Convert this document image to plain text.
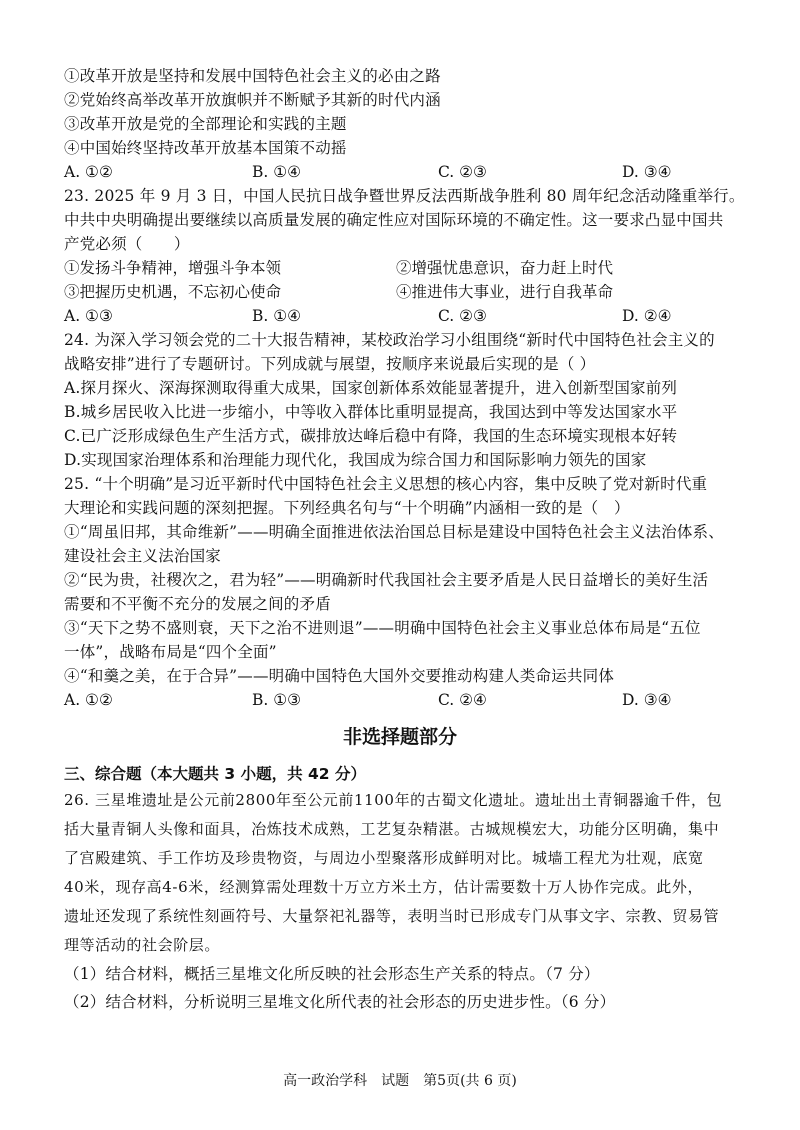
①改革开放是坚持和发展中国特色社会主义的必由之路
②党始终高举改革开放旗帜并不断赋予其新的时代内涵
③改革开放是党的全部理论和实践的主题
④中国始终坚持改革开放基本国策不动摇
A. ①②	B. ①④	C. ②③	D. ③④
23. 2025 年 9 月 3 日，中国人民抗日战争暨世界反法西斯战争胜利 80 周年纪念活动隆重举行。
中共中央明确提出要继续以高质量发展的确定性应对国际环境的不确定性。这一要求凸显中国共
产党必须（　　）
①发扬斗争精神，增强斗争本领	②增强忧患意识，奋力赶上时代
③把握历史机遇，不忘初心使命	④推进伟大事业，进行自我革命
A. ①③	B. ①④	C. ②③	D. ②④
24. 为深入学习领会党的二十大报告精神，某校政治学习小组围绕“新时代中国特色社会主义的
战略安排”进行了专题研讨。下列成就与展望，按顺序来说最后实现的是（ ）
A.探月探火、深海探测取得重大成果，国家创新体系效能显著提升，进入创新型国家前列
B.城乡居民收入比进一步缩小，中等收入群体比重明显提高，我国达到中等发达国家水平
C.已广泛形成绿色生产生活方式，碳排放达峰后稳中有降，我国的生态环境实现根本好转
D.实现国家治理体系和治理能力现代化，我国成为综合国力和国际影响力领先的国家
25. “十个明确”是习近平新时代中国特色社会主义思想的核心内容，集中反映了党对新时代重
大理论和实践问题的深刻把握。下列经典名句与“十个明确”内涵相一致的是（　）
①“周虽旧邦，其命维新”——明确全面推进依法治国总目标是建设中国特色社会主义法治体系、
建设社会主义法治国家
②“民为贵，社稷次之，君为轻”——明确新时代我国社会主要矛盾是人民日益增长的美好生活
需要和不平衡不充分的发展之间的矛盾
③“天下之势不盛则衰，天下之治不进则退”——明确中国特色社会主义事业总体布局是“五位
一体”，战略布局是“四个全面”
④“和羹之美，在于合异”——明确中国特色大国外交要推动构建人类命运共同体
A. ①②	B. ①③	C. ②④	D. ③④
非选择题部分
三、综合题（本大题共 3 小题，共 42 分）
26. 三星堆遗址是公元前2800年至公元前1100年的古蜀文化遗址。遗址出土青铜器逾千件，包
括大量青铜人头像和面具，冶炼技术成熟，工艺复杂精湛。古城规模宏大，功能分区明确，集中
了宫殿建筑、手工作坊及珍贵物资，与周边小型聚落形成鲜明对比。城墙工程尤为壮观，底宽
40米，现存高4-6米，经测算需处理数十万立方米土方，估计需要数十万人协作完成。此外，
遗址还发现了系统性刻画符号、大量祭祀礼器等，表明当时已形成专门从事文字、宗教、贸易管
理等活动的社会阶层。
（1）结合材料，概括三星堆文化所反映的社会形态生产关系的特点。（7 分）
（2）结合材料，分析说明三星堆文化所代表的社会形态的历史进步性。（6 分）
高一政治学科　试题　第5页(共 6 页)
